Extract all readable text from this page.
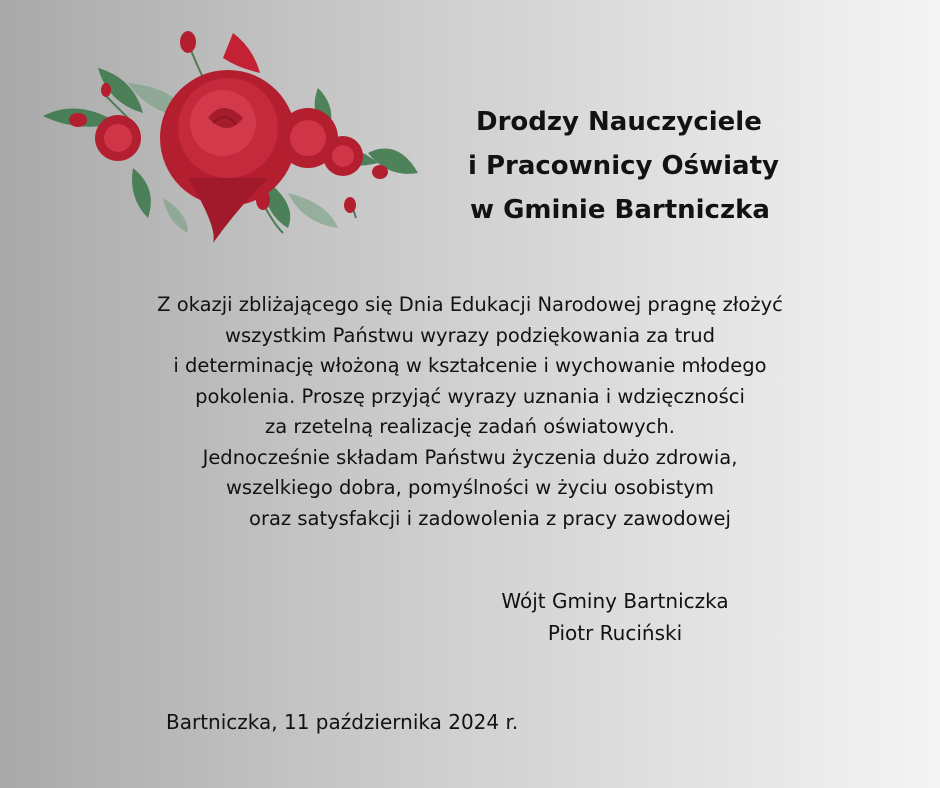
Drodzy Nauczyciele
i Pracownicy Oświaty
w Gminie Bartniczka

Z okazji zbliżającego się Dnia Edukacji Narodowej pragnę złożyć
wszystkim Państwu wyrazy podziękowania za trud
i determinację włożoną w kształcenie i wychowanie młodego
pokolenia. Proszę przyjąć wyrazy uznania i wdzięczności
za rzetelną realizację zadań oświatowych.
Jednocześnie składam Państwu życzenia dużo zdrowia,
wszelkiego dobra, pomyślności w życiu osobistym
oraz satysfakcji i zadowolenia z pracy zawodowej

Wójt Gminy Bartniczka
Piotr Ruciński
Bartniczka, 11 października 2024 r.
